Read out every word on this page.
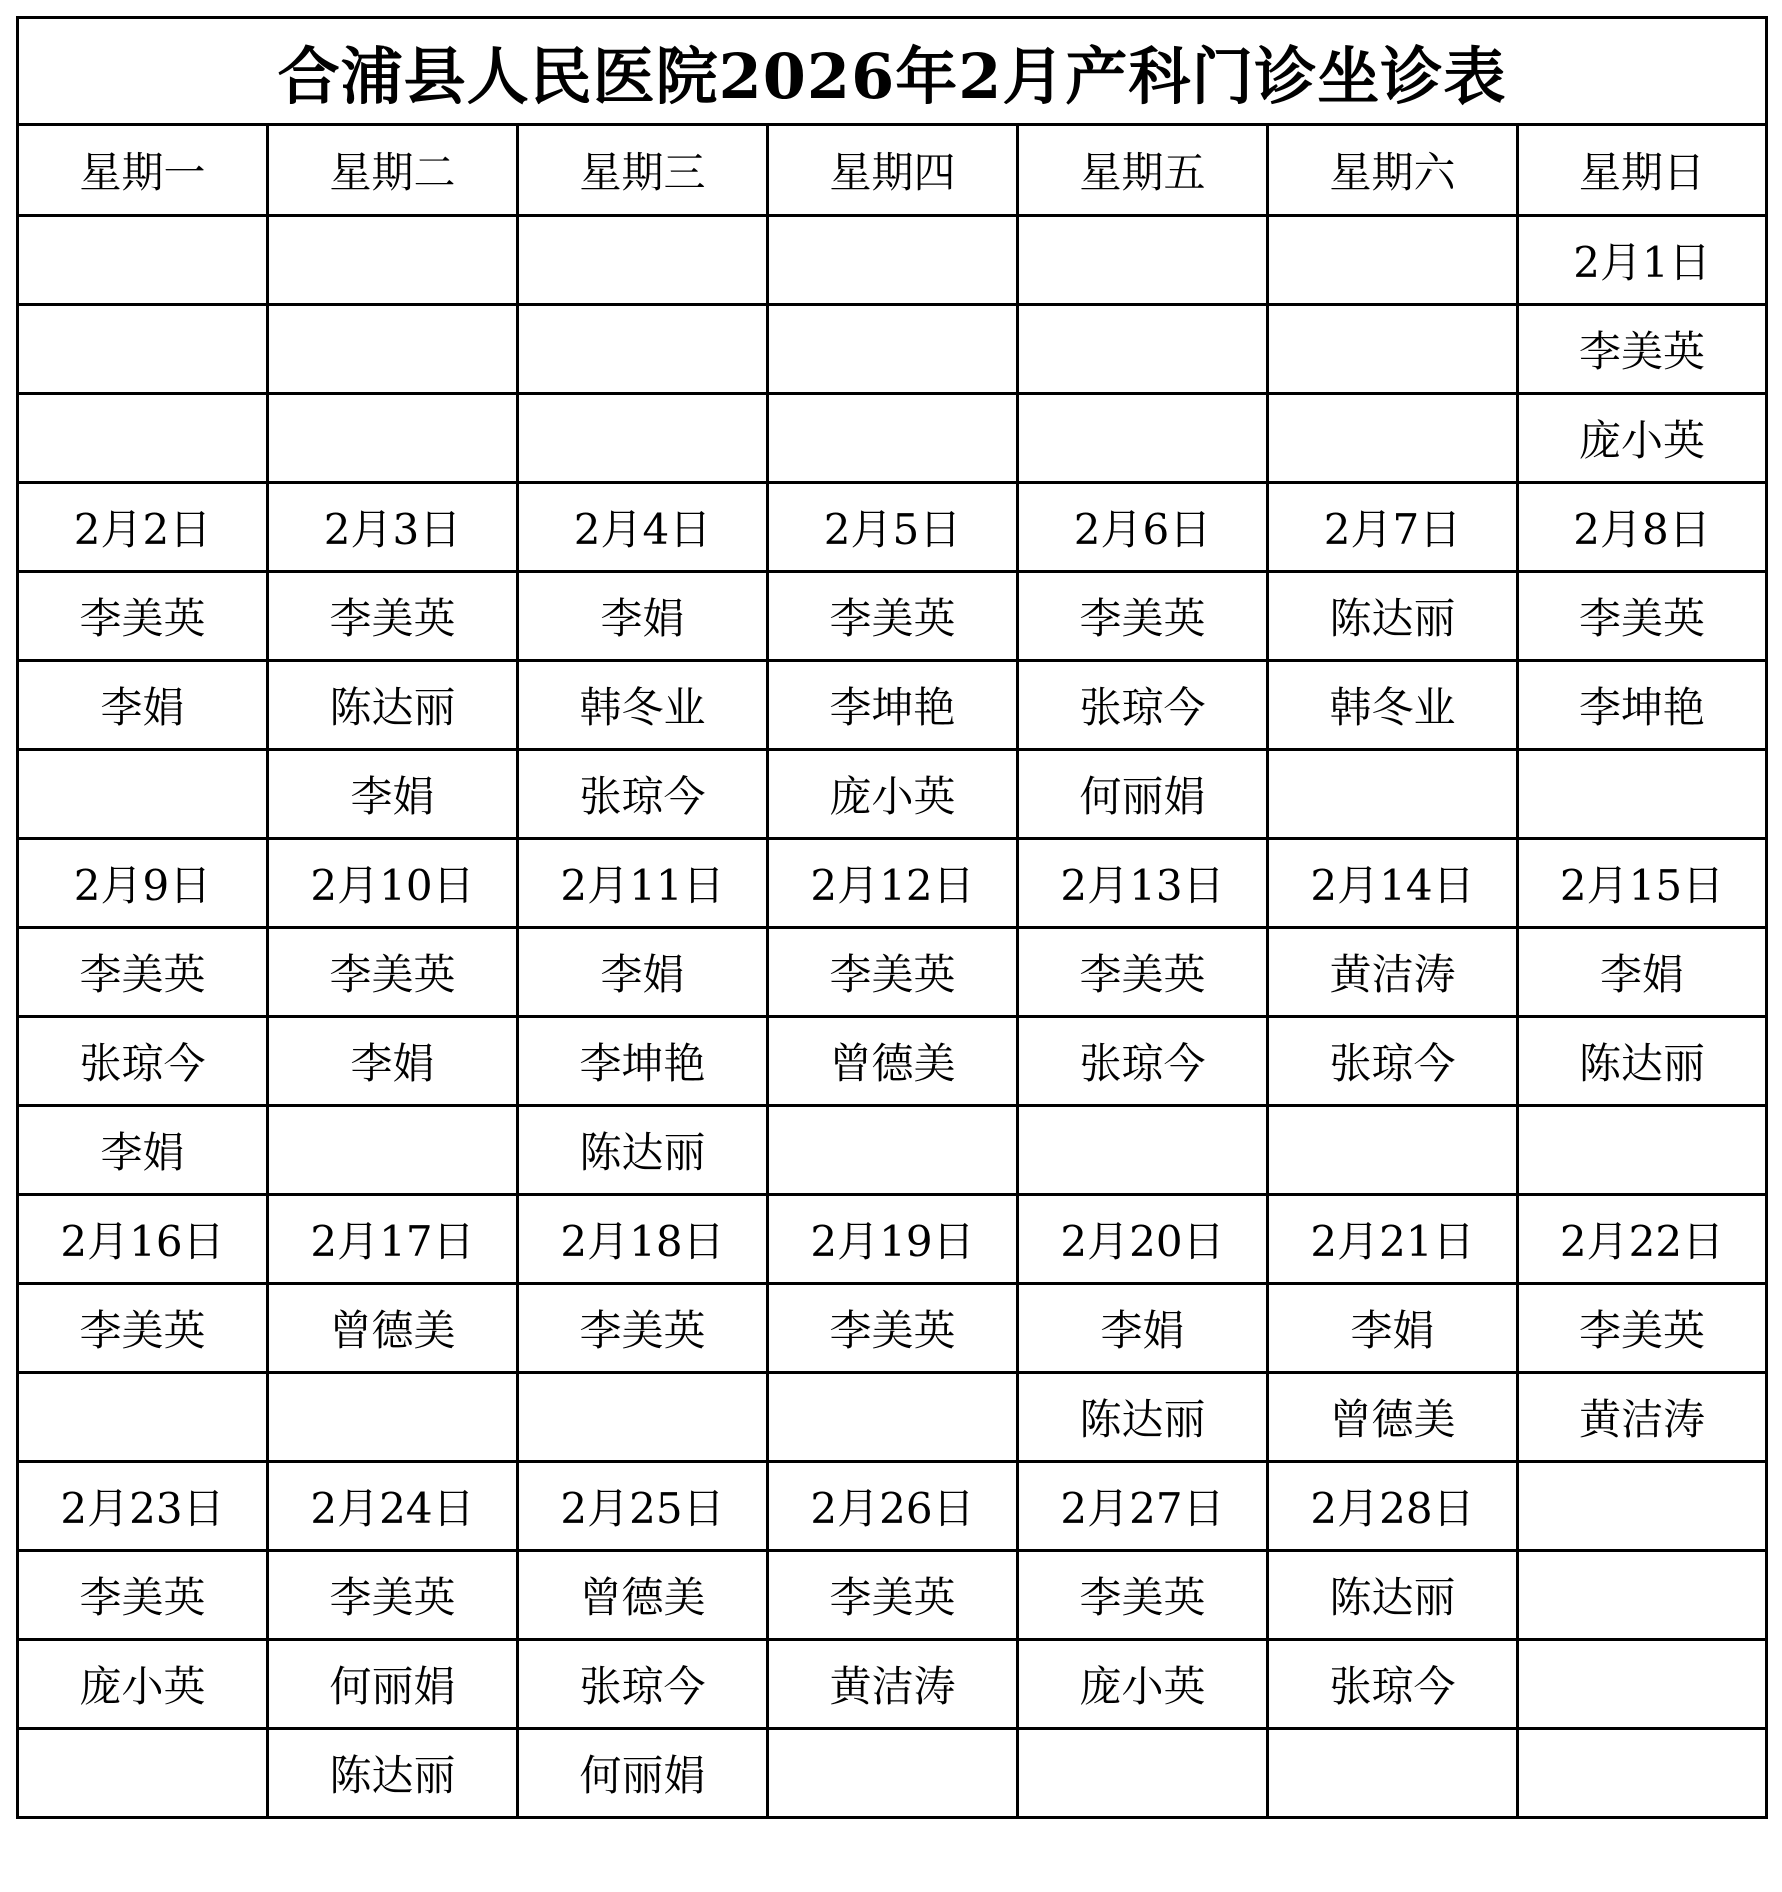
合浦县人民医院2026年2月产科门诊坐诊表						
星期一	星期二	星期三	星期四	星期五	星期六	星期日
						2月1日
						李美英
						庞小英
2月2日	2月3日	2月4日	2月5日	2月6日	2月7日	2月8日
李美英	李美英	李娟	李美英	李美英	陈达丽	李美英
李娟	陈达丽	韩冬业	李坤艳	张琼今	韩冬业	李坤艳
	李娟	张琼今	庞小英	何丽娟		
2月9日	2月10日	2月11日	2月12日	2月13日	2月14日	2月15日
李美英	李美英	李娟	李美英	李美英	黄洁涛	李娟
张琼今	李娟	李坤艳	曾德美	张琼今	张琼今	陈达丽
李娟		陈达丽				
2月16日	2月17日	2月18日	2月19日	2月20日	2月21日	2月22日
李美英	曾德美	李美英	李美英	李娟	李娟	李美英
				陈达丽	曾德美	黄洁涛
2月23日	2月24日	2月25日	2月26日	2月27日	2月28日	
李美英	李美英	曾德美	李美英	李美英	陈达丽	
庞小英	何丽娟	张琼今	黄洁涛	庞小英	张琼今	
	陈达丽	何丽娟				
